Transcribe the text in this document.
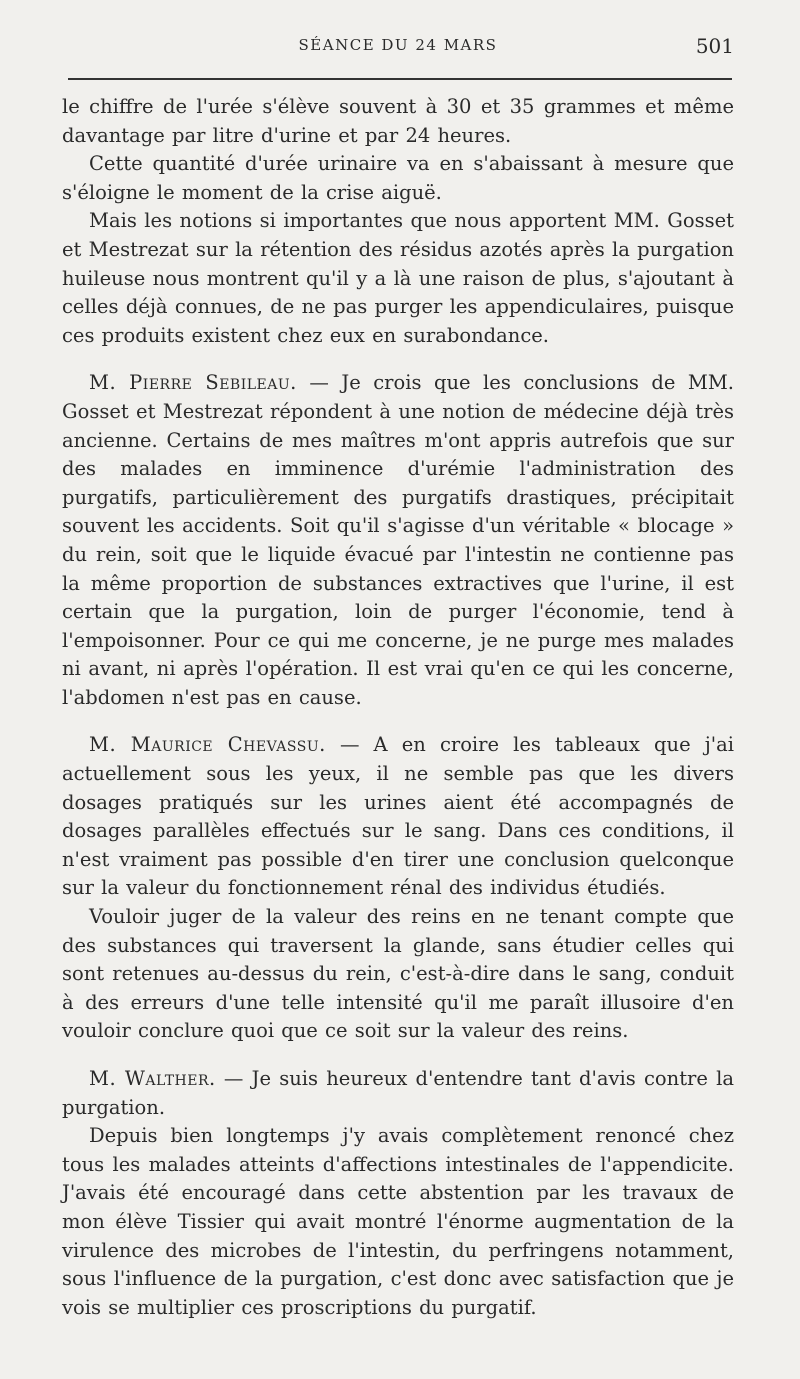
SÉANCE DU 24 MARS	501

le chiffre de l'urée s'élève souvent à 30 et 35 grammes et même davantage par litre d'urine et par 24 heures.

Cette quantité d'urée urinaire va en s'abaissant à mesure que s'éloigne le moment de la crise aiguë.

Mais les notions si importantes que nous apportent MM. Gosset et Mestrezat sur la rétention des résidus azotés après la purgation huileuse nous montrent qu'il y a là une raison de plus, s'ajoutant à celles déjà connues, de ne pas purger les appendiculaires, puisque ces produits existent chez eux en surabondance.

M. Pierre Sebileau. — Je crois que les conclusions de MM. Gosset et Mestrezat répondent à une notion de médecine déjà très ancienne. Certains de mes maîtres m'ont appris autrefois que sur des malades en imminence d'urémie l'administration des purgatifs, particulièrement des purgatifs drastiques, précipitait souvent les accidents. Soit qu'il s'agisse d'un véritable « blocage » du rein, soit que le liquide évacué par l'intestin ne contienne pas la même proportion de substances extractives que l'urine, il est certain que la purgation, loin de purger l'économie, tend à l'empoisonner. Pour ce qui me concerne, je ne purge mes malades ni avant, ni après l'opération. Il est vrai qu'en ce qui les concerne, l'abdomen n'est pas en cause.

M. Maurice Chevassu. — A en croire les tableaux que j'ai actuellement sous les yeux, il ne semble pas que les divers dosages pratiqués sur les urines aient été accompagnés de dosages parallèles effectués sur le sang. Dans ces conditions, il n'est vraiment pas possible d'en tirer une conclusion quelconque sur la valeur du fonctionnement rénal des individus étudiés.

Vouloir juger de la valeur des reins en ne tenant compte que des substances qui traversent la glande, sans étudier celles qui sont retenues au-dessus du rein, c'est-à-dire dans le sang, conduit à des erreurs d'une telle intensité qu'il me paraît illusoire d'en vouloir conclure quoi que ce soit sur la valeur des reins.

M. Walther. — Je suis heureux d'entendre tant d'avis contre la purgation.

Depuis bien longtemps j'y avais complètement renoncé chez tous les malades atteints d'affections intestinales de l'appendicite. J'avais été encouragé dans cette abstention par les travaux de mon élève Tissier qui avait montré l'énorme augmentation de la virulence des microbes de l'intestin, du perfringens notamment, sous l'influence de la purgation, c'est donc avec satisfaction que je vois se multiplier ces proscriptions du purgatif.
